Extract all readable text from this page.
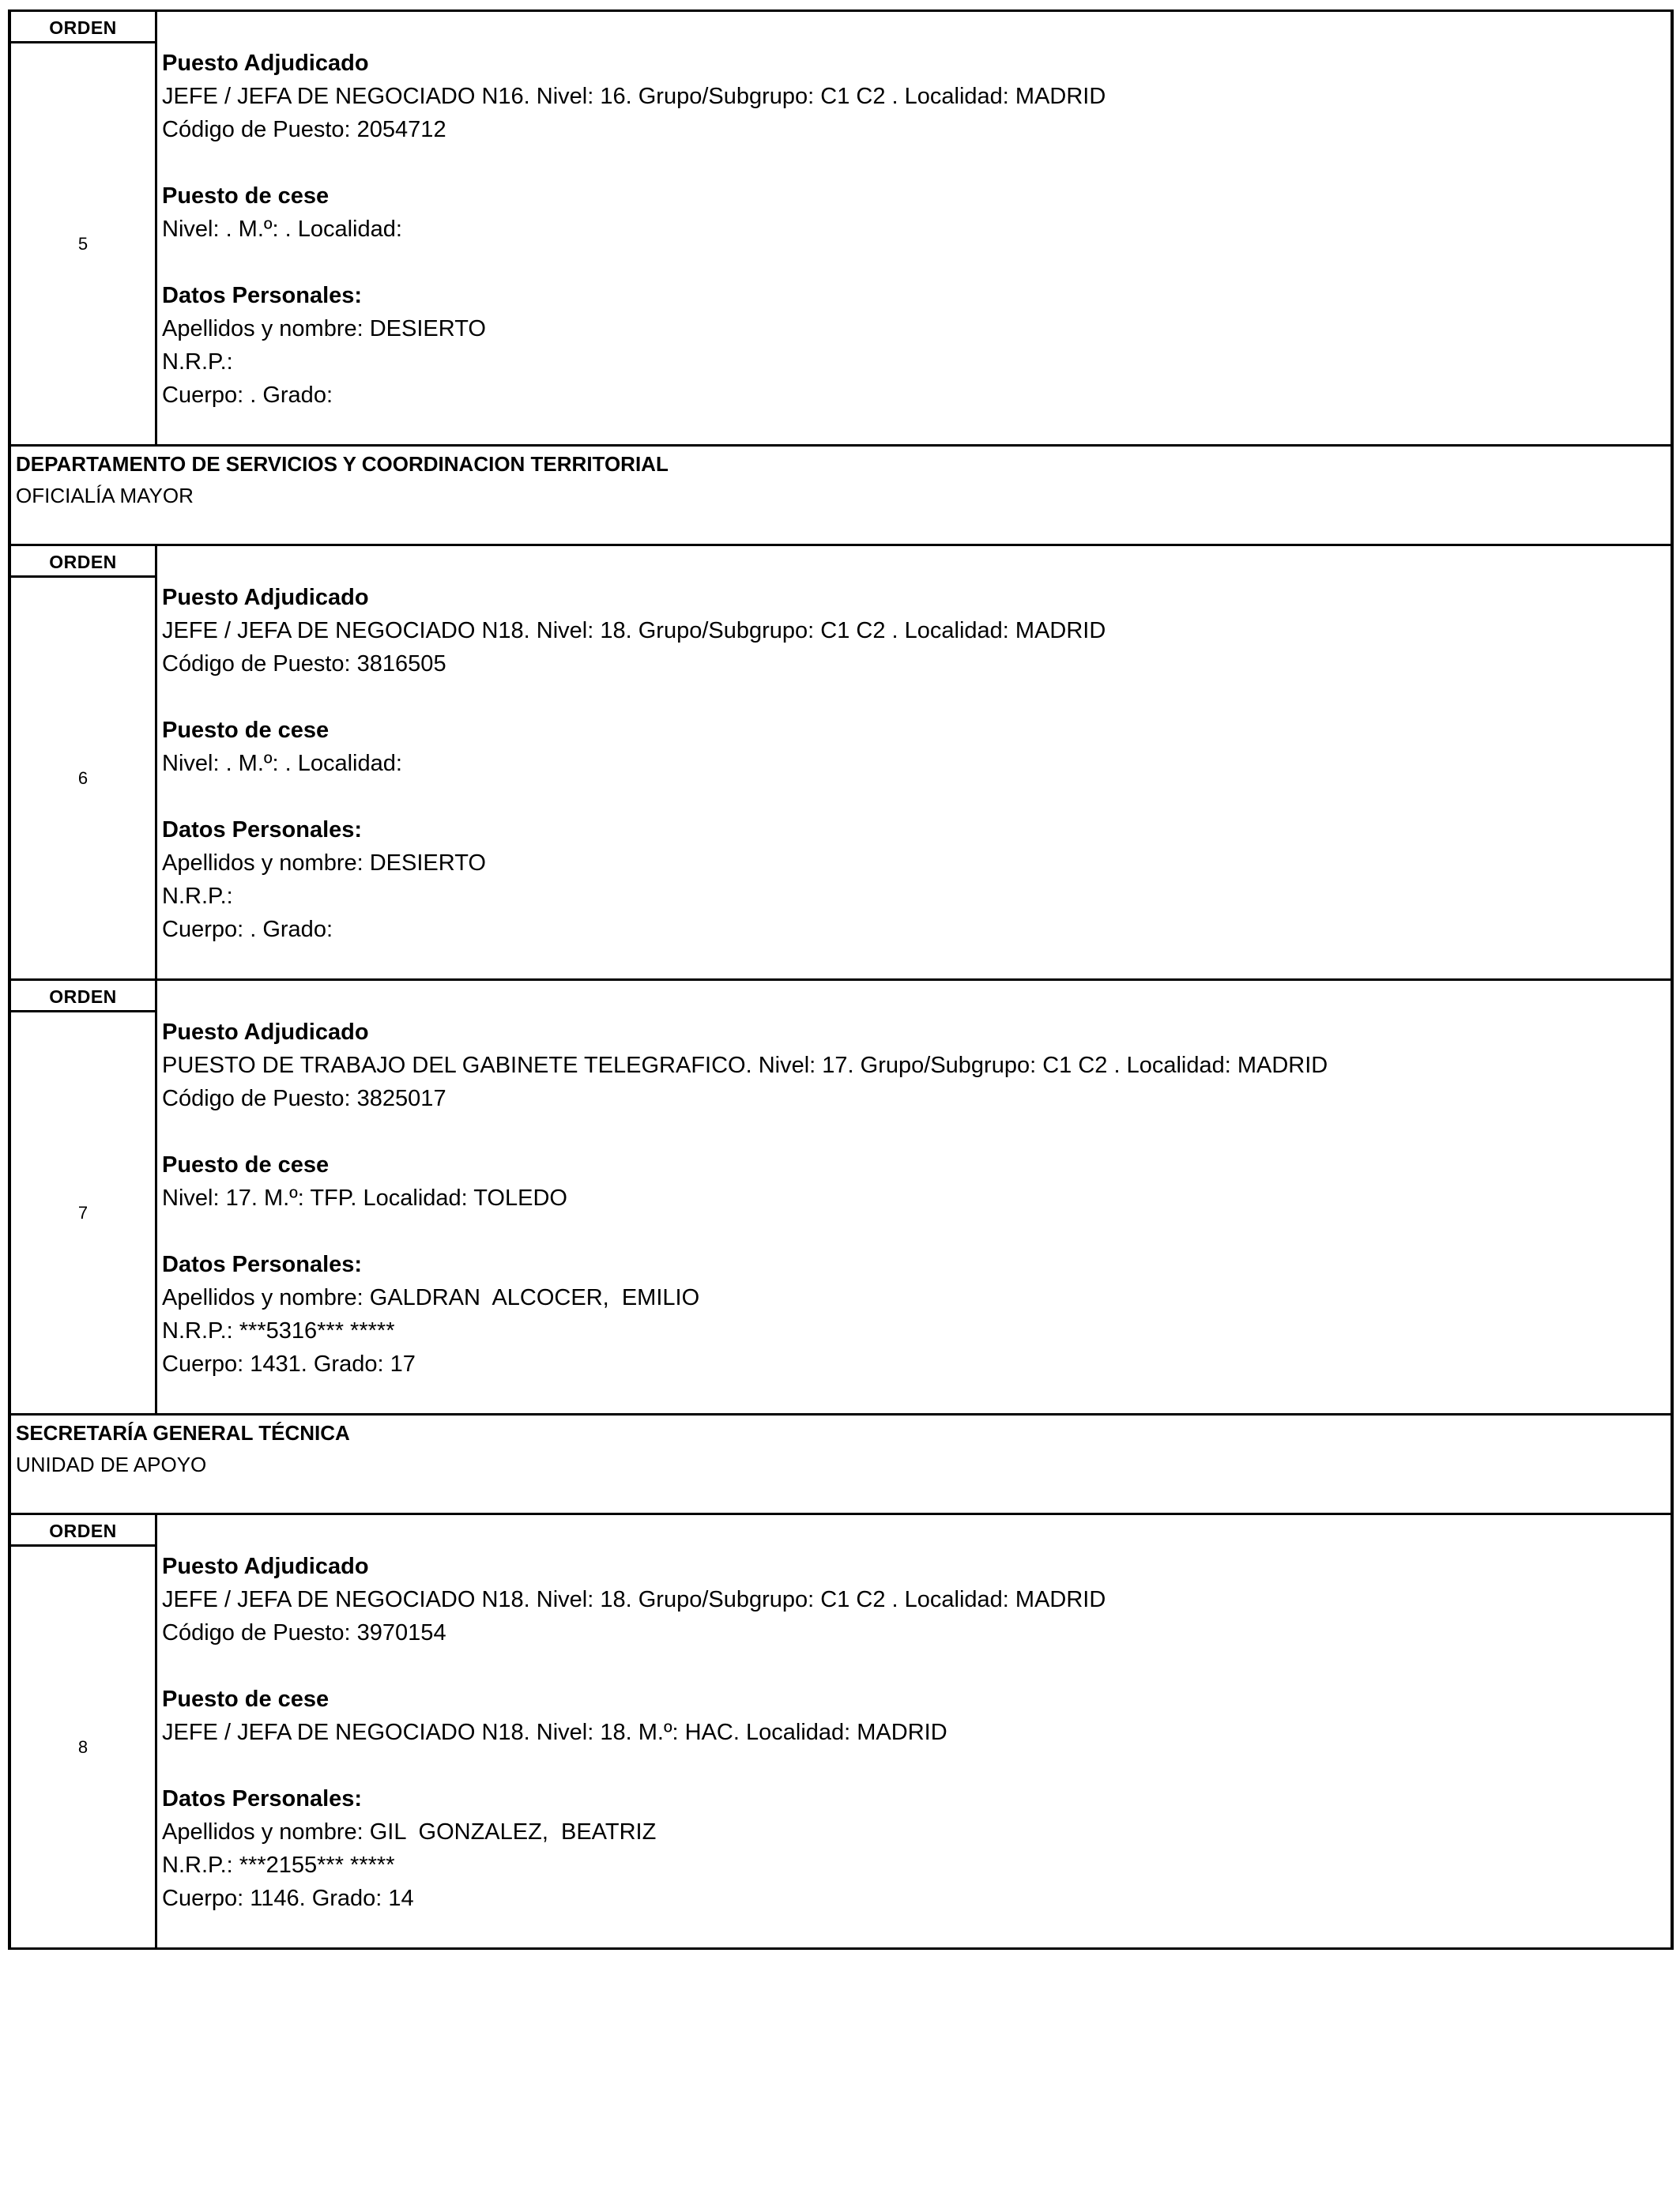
ORDEN
5
Puesto Adjudicado
JEFE / JEFA DE NEGOCIADO N16. Nivel: 16. Grupo/Subgrupo: C1 C2 . Localidad: MADRID
Código de Puesto: 2054712
Puesto de cese
Nivel: . M.º: . Localidad:
Datos Personales:
Apellidos y nombre: DESIERTO
N.R.P.:
Cuerpo: . Grado:
DEPARTAMENTO DE SERVICIOS Y COORDINACION TERRITORIAL
OFICIALÍA MAYOR
ORDEN
6
Puesto Adjudicado
JEFE / JEFA DE NEGOCIADO N18. Nivel: 18. Grupo/Subgrupo: C1 C2 . Localidad: MADRID
Código de Puesto: 3816505
Puesto de cese
Nivel: . M.º: . Localidad:
Datos Personales:
Apellidos y nombre: DESIERTO
N.R.P.:
Cuerpo: . Grado:
ORDEN
7
Puesto Adjudicado
PUESTO DE TRABAJO DEL GABINETE TELEGRAFICO. Nivel: 17. Grupo/Subgrupo: C1 C2 . Localidad: MADRID
Código de Puesto: 3825017
Puesto de cese
Nivel: 17. M.º: TFP. Localidad: TOLEDO
Datos Personales:
Apellidos y nombre: GALDRAN  ALCOCER,  EMILIO
N.R.P.: ***5316*** *****
Cuerpo: 1431. Grado: 17
SECRETARÍA GENERAL TÉCNICA
UNIDAD DE APOYO
ORDEN
8
Puesto Adjudicado
JEFE / JEFA DE NEGOCIADO N18. Nivel: 18. Grupo/Subgrupo: C1 C2 . Localidad: MADRID
Código de Puesto: 3970154
Puesto de cese
JEFE / JEFA DE NEGOCIADO N18. Nivel: 18. M.º: HAC. Localidad: MADRID
Datos Personales:
Apellidos y nombre: GIL  GONZALEZ,  BEATRIZ
N.R.P.: ***2155*** *****
Cuerpo: 1146. Grado: 14
